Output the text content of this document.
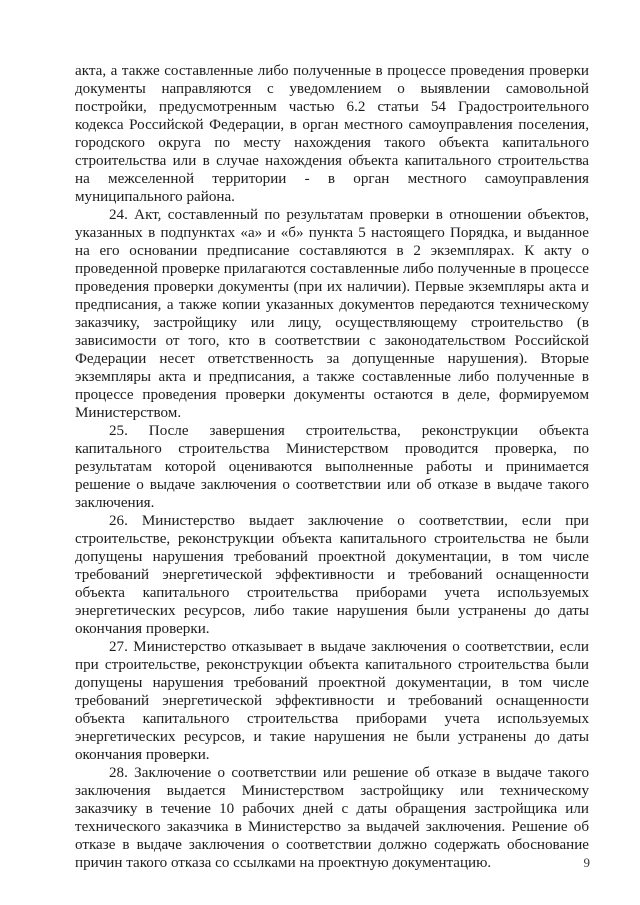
акта, а также составленные либо полученные в процессе проведения проверки документы направляются с уведомлением о выявлении самовольной постройки, предусмотренным частью 6.2 статьи 54 Градостроительного кодекса Российской Федерации, в орган местного самоуправления поселения, городского округа по месту нахождения такого объекта капитального строительства или в случае нахождения объекта капитального строительства на межселенной территории - в орган местного самоуправления муниципального района.

24. Акт, составленный по результатам проверки в отношении объектов, указанных в подпунктах «а» и «б» пункта 5 настоящего Порядка, и выданное на его основании предписание составляются в 2 экземплярах. К акту о проведенной проверке прилагаются составленные либо полученные в процессе проведения проверки документы (при их наличии). Первые экземпляры акта и предписания, а также копии указанных документов передаются техническому заказчику, застройщику или лицу, осуществляющему строительство (в зависимости от того, кто в соответствии с законодательством Российской Федерации несет ответственность за допущенные нарушения). Вторые экземпляры акта и предписания, а также составленные либо полученные в процессе проведения проверки документы остаются в деле, формируемом Министерством.

25. После завершения строительства, реконструкции объекта капитального строительства Министерством проводится проверка, по результатам которой оцениваются выполненные работы и принимается решение о выдаче заключения о соответствии или об отказе в выдаче такого заключения.

26. Министерство выдает заключение о соответствии, если при строительстве, реконструкции объекта капитального строительства не были допущены нарушения требований проектной документации, в том числе требований энергетической эффективности и требований оснащенности объекта капитального строительства приборами учета используемых энергетических ресурсов, либо такие нарушения были устранены до даты окончания проверки.

27. Министерство отказывает в выдаче заключения о соответствии, если при строительстве, реконструкции объекта капитального строительства были допущены нарушения требований проектной документации, в том числе требований энергетической эффективности и требований оснащенности объекта капитального строительства приборами учета используемых энергетических ресурсов, и такие нарушения не были устранены до даты окончания проверки.

28. Заключение о соответствии или решение об отказе в выдаче такого заключения выдается Министерством застройщику или техническому заказчику в течение 10 рабочих дней с даты обращения застройщика или технического заказчика в Министерство за выдачей заключения. Решение об отказе в выдаче заключения о соответствии должно содержать обоснование причин такого отказа со ссылками на проектную документацию.	9
